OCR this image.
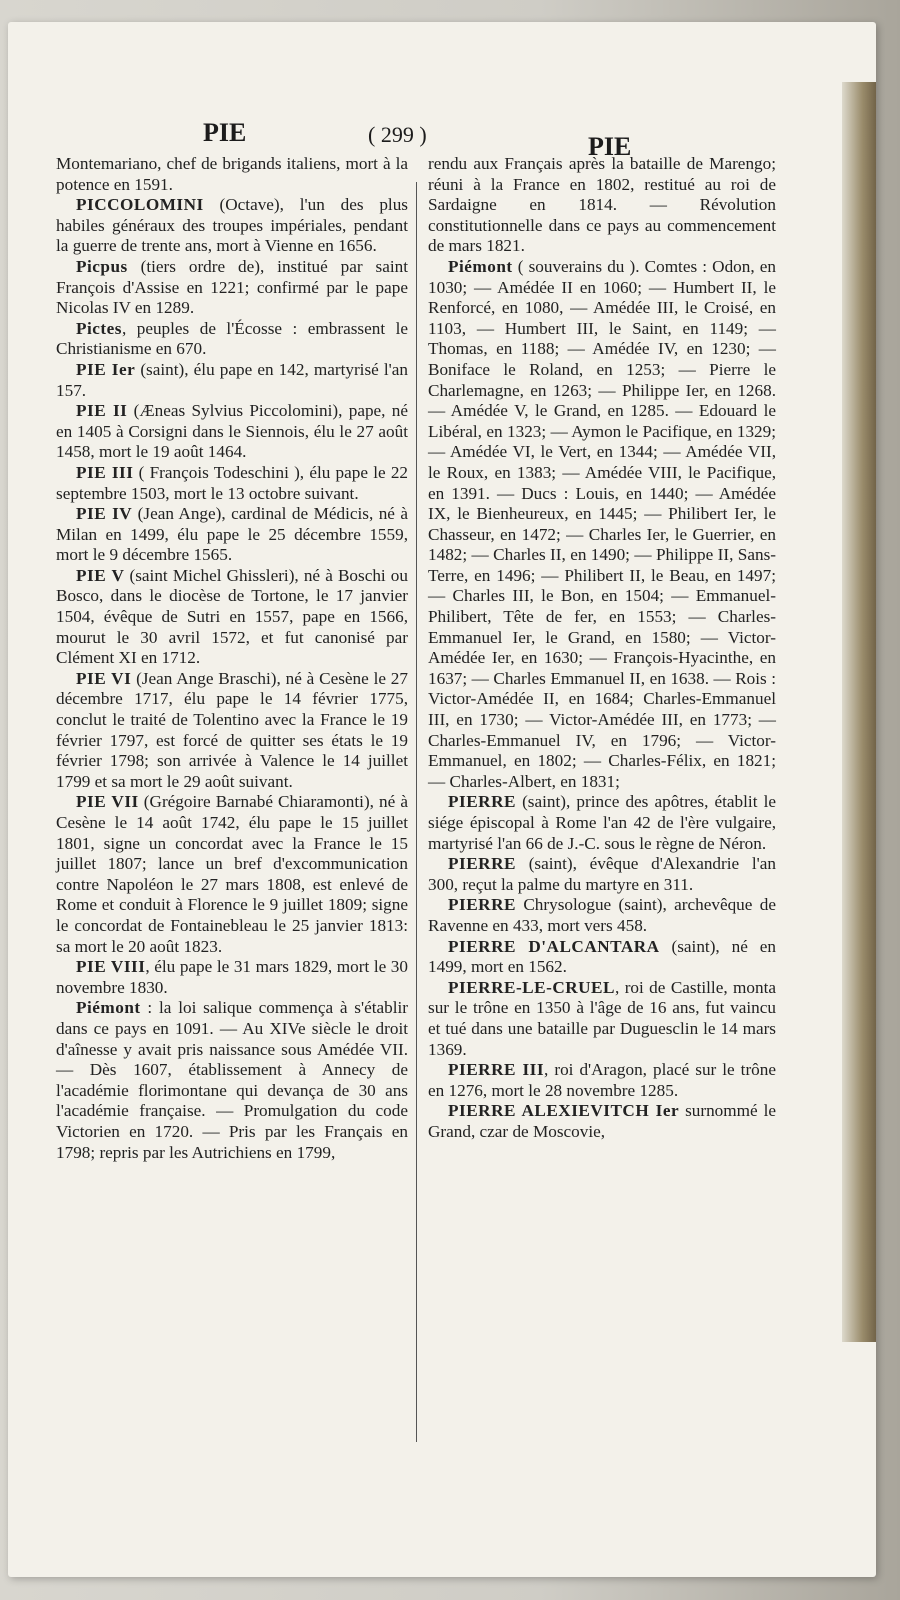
PIE	( 299 )	PIE

Montemariano, chef de brigands italiens, mort à la potence en 1591.

PICCOLOMINI (Octave), l'un des plus habiles généraux des troupes impériales, pendant la guerre de trente ans, mort à Vienne en 1656.

Picpus (tiers ordre de), institué par saint François d'Assise en 1221; confirmé par le pape Nicolas IV en 1289.

Pictes, peuples de l'Écosse : embrassent le Christianisme en 670.

PIE Ier (saint), élu pape en 142, martyrisé l'an 157.

PIE II (Æneas Sylvius Piccolomini), pape, né en 1405 à Corsigni dans le Siennois, élu le 27 août 1458, mort le 19 août 1464.

PIE III ( François Todeschini ), élu pape le 22 septembre 1503, mort le 13 octobre suivant.

PIE IV (Jean Ange), cardinal de Médicis, né à Milan en 1499, élu pape le 25 décembre 1559, mort le 9 décembre 1565.

PIE V (saint Michel Ghissleri), né à Boschi ou Bosco, dans le diocèse de Tortone, le 17 janvier 1504, évêque de Sutri en 1557, pape en 1566, mourut le 30 avril 1572, et fut canonisé par Clément XI en 1712.

PIE VI (Jean Ange Braschi), né à Cesène le 27 décembre 1717, élu pape le 14 février 1775, conclut le traité de Tolentino avec la France le 19 février 1797, est forcé de quitter ses états le 19 février 1798; son arrivée à Valence le 14 juillet 1799 et sa mort le 29 août suivant.

PIE VII (Grégoire Barnabé Chiaramonti), né à Cesène le 14 août 1742, élu pape le 15 juillet 1801, signe un concordat avec la France le 15 juillet 1807; lance un bref d'excommunication contre Napoléon le 27 mars 1808, est enlevé de Rome et conduit à Florence le 9 juillet 1809; signe le concordat de Fontainebleau le 25 janvier 1813: sa mort le 20 août 1823.

PIE VIII, élu pape le 31 mars 1829, mort le 30 novembre 1830.

Piémont : la loi salique commença à s'établir dans ce pays en 1091. — Au XIVe siècle le droit d'aînesse y avait pris naissance sous Amédée VII. — Dès 1607, établissement à Annecy de l'académie florimontane qui devança de 30 ans l'académie française. — Promulgation du code Victorien en 1720. — Pris par les Français en 1798; repris par les Autrichiens en 1799,

rendu aux Français après la bataille de Marengo; réuni à la France en 1802, restitué au roi de Sardaigne en 1814. — Révolution constitutionnelle dans ce pays au commencement de mars 1821.

Piémont ( souverains du ). Comtes : Odon, en 1030; — Amédée II en 1060; — Humbert II, le Renforcé, en 1080, — Amédée III, le Croisé, en 1103, — Humbert III, le Saint, en 1149; — Thomas, en 1188; — Amédée IV, en 1230; — Boniface le Roland, en 1253; — Pierre le Charlemagne, en 1263; — Philippe Ier, en 1268. — Amédée V, le Grand, en 1285. — Edouard le Libéral, en 1323; — Aymon le Pacifique, en 1329; — Amédée VI, le Vert, en 1344; — Amédée VII, le Roux, en 1383; — Amédée VIII, le Pacifique, en 1391. — Ducs : Louis, en 1440; — Amédée IX, le Bienheureux, en 1445; — Philibert Ier, le Chasseur, en 1472; — Charles Ier, le Guerrier, en 1482; — Charles II, en 1490; — Philippe II, Sans-Terre, en 1496; — Philibert II, le Beau, en 1497; — Charles III, le Bon, en 1504; — Emmanuel-Philibert, Tête de fer, en 1553; — Charles-Emmanuel Ier, le Grand, en 1580; — Victor-Amédée Ier, en 1630; — François-Hyacinthe, en 1637; — Charles Emmanuel II, en 1638. — Rois : Victor-Amédée II, en 1684; Charles-Emmanuel III, en 1730; — Victor-Amédée III, en 1773; — Charles-Emmanuel IV, en 1796; — Victor-Emmanuel, en 1802; — Charles-Félix, en 1821; — Charles-Albert, en 1831;

PIERRE (saint), prince des apôtres, établit le siége épiscopal à Rome l'an 42 de l'ère vulgaire, martyrisé l'an 66 de J.-C. sous le règne de Néron.

PIERRE (saint), évêque d'Alexandrie l'an 300, reçut la palme du martyre en 311.

PIERRE Chrysologue (saint), archevêque de Ravenne en 433, mort vers 458.

PIERRE D'ALCANTARA (saint), né en 1499, mort en 1562.

PIERRE-LE-CRUEL, roi de Castille, monta sur le trône en 1350 à l'âge de 16 ans, fut vaincu et tué dans une bataille par Duguesclin le 14 mars 1369.

PIERRE III, roi d'Aragon, placé sur le trône en 1276, mort le 28 novembre 1285.

PIERRE ALEXIEVITCH Ier surnommé le Grand, czar de Moscovie,
